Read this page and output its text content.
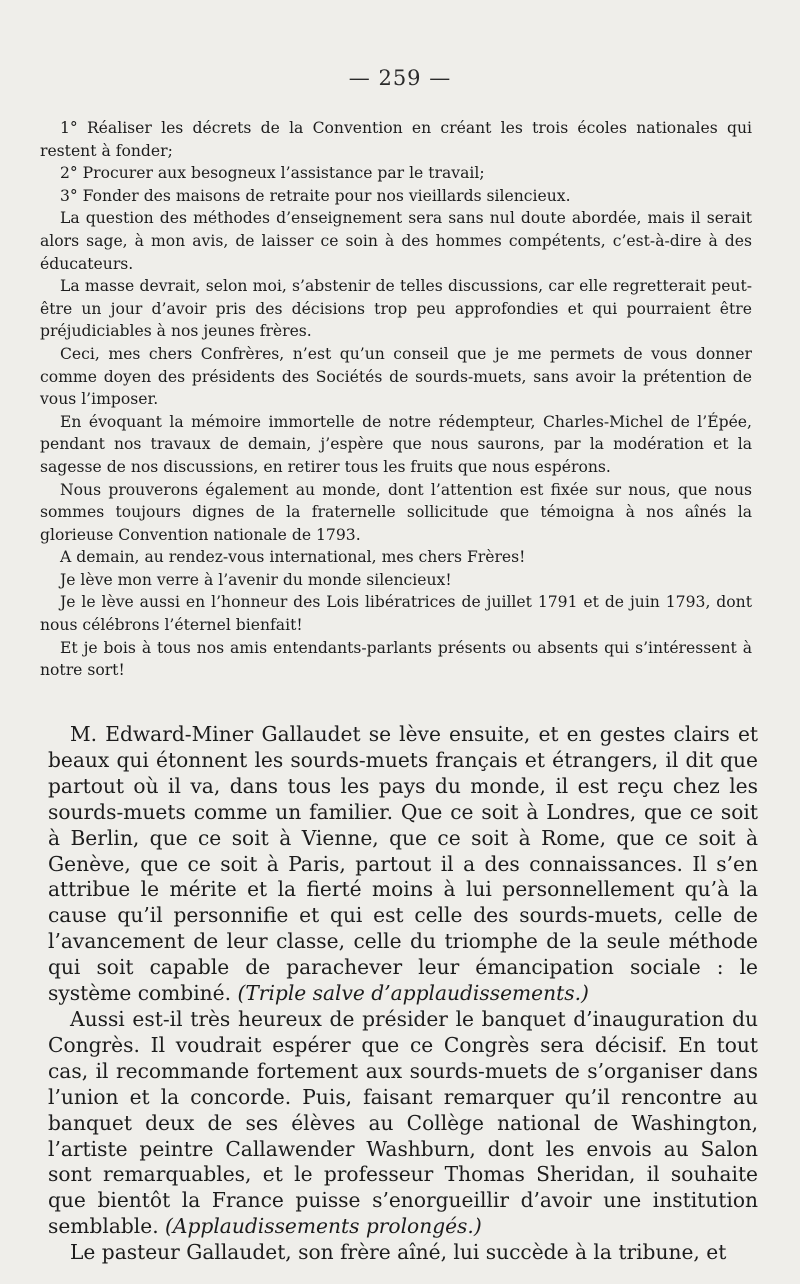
— 259 —

1° Réaliser les décrets de la Convention en créant les trois écoles nationales qui restent à fonder;

2° Procurer aux besogneux l’assistance par le travail;

3° Fonder des maisons de retraite pour nos vieillards silencieux.

La question des méthodes d’enseignement sera sans nul doute abordée, mais il serait alors sage, à mon avis, de laisser ce soin à des hommes compétents, c’est-à-dire à des éducateurs.

La masse devrait, selon moi, s’abstenir de telles discussions, car elle regretterait peut-être un jour d’avoir pris des décisions trop peu approfondies et qui pourraient être préjudiciables à nos jeunes frères.

Ceci, mes chers Confrères, n’est qu’un conseil que je me permets de vous donner comme doyen des présidents des Sociétés de sourds-muets, sans avoir la prétention de vous l’imposer.

En évoquant la mémoire immortelle de notre rédempteur, Charles-Michel de l’Épée, pendant nos travaux de demain, j’espère que nous saurons, par la modération et la sagesse de nos discussions, en retirer tous les fruits que nous espérons.

Nous prouverons également au monde, dont l’attention est fixée sur nous, que nous sommes toujours dignes de la fraternelle sollicitude que témoigna à nos aînés la glorieuse Convention nationale de 1793.

A demain, au rendez-vous international, mes chers Frères!

Je lève mon verre à l’avenir du monde silencieux!

Je le lève aussi en l’honneur des Lois libératrices de juillet 1791 et de juin 1793, dont nous célébrons l’éternel bienfait!

Et je bois à tous nos amis entendants-parlants présents ou absents qui s’intéressent à notre sort!

M. Edward-Miner Gallaudet se lève ensuite, et en gestes clairs et beaux qui étonnent les sourds-muets français et étrangers, il dit que partout où il va, dans tous les pays du monde, il est reçu chez les sourds-muets comme un familier. Que ce soit à Londres, que ce soit à Berlin, que ce soit à Vienne, que ce soit à Rome, que ce soit à Genève, que ce soit à Paris, partout il a des connaissances. Il s’en attribue le mérite et la fierté moins à lui personnellement qu’à la cause qu’il personnifie et qui est celle des sourds-muets, celle de l’avancement de leur classe, celle du triomphe de la seule méthode qui soit capable de parachever leur émancipation sociale : le système combiné. (Triple salve d’applaudissements.)

Aussi est-il très heureux de présider le banquet d’inauguration du Congrès. Il voudrait espérer que ce Congrès sera décisif. En tout cas, il recommande fortement aux sourds-muets de s’organiser dans l’union et la concorde. Puis, faisant remarquer qu’il rencontre au banquet deux de ses élèves au Collège national de Washington, l’artiste peintre Callawender Washburn, dont les envois au Salon sont remarquables, et le professeur Thomas Sheridan, il souhaite que bientôt la France puisse s’enorgueillir d’avoir une institution semblable. (Applaudissements prolongés.)

Le pasteur Gallaudet, son frère aîné, lui succède à la tribune, et
